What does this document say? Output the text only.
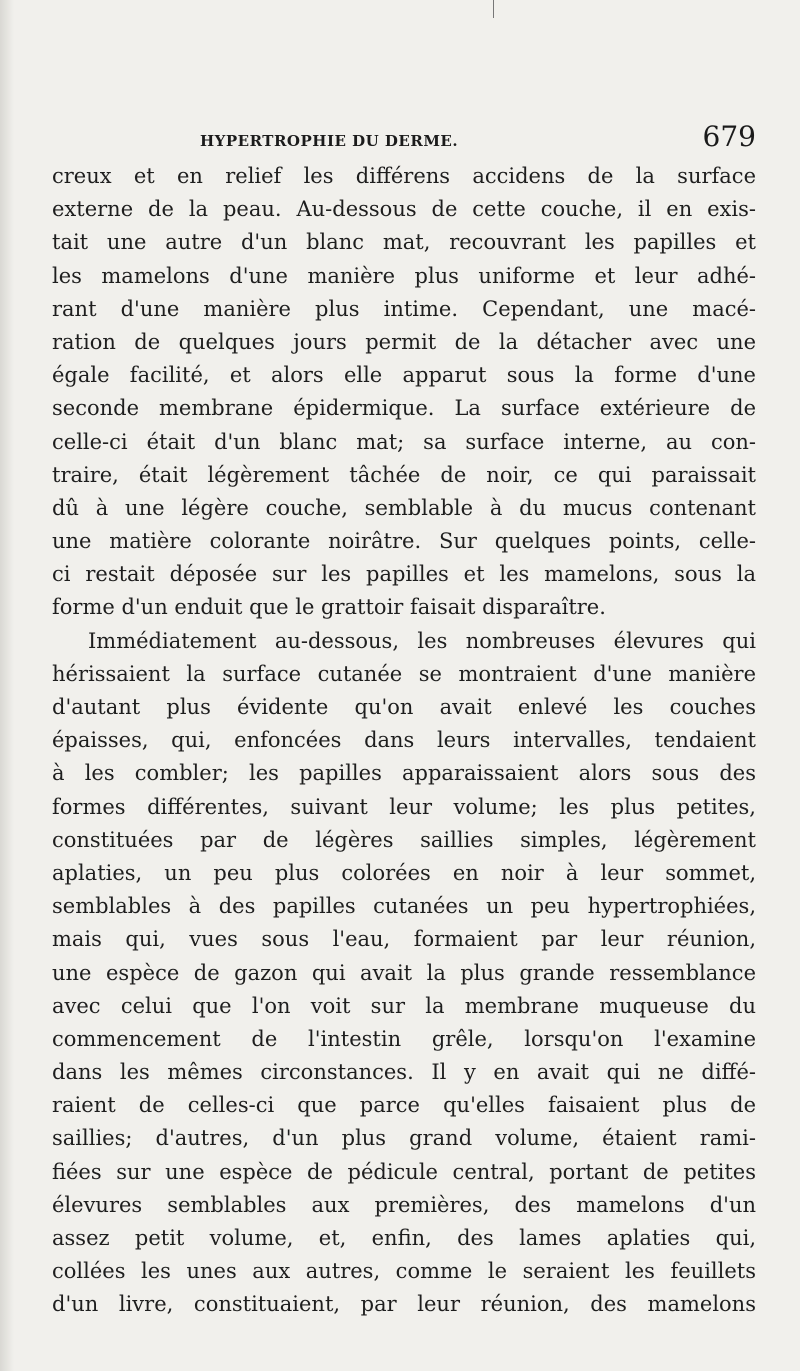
HYPERTROPHIE DU DERME.	679
creux et en relief les différens accidens de la surface
externe de la peau. Au-dessous de cette couche, il en exis-
tait une autre d'un blanc mat, recouvrant les papilles et
les mamelons d'une manière plus uniforme et leur adhé-
rant d'une manière plus intime. Cependant, une macé-
ration de quelques jours permit de la détacher avec une
égale facilité, et alors elle apparut sous la forme d'une
seconde membrane épidermique. La surface extérieure de
celle-ci était d'un blanc mat; sa surface interne, au con-
traire, était légèrement tâchée de noir, ce qui paraissait
dû à une légère couche, semblable à du mucus contenant
une matière colorante noirâtre. Sur quelques points, celle-
ci restait déposée sur les papilles et les mamelons, sous la
forme d'un enduit que le grattoir faisait disparaître.
Immédiatement au-dessous, les nombreuses élevures qui
hérissaient la surface cutanée se montraient d'une manière
d'autant plus évidente qu'on avait enlevé les couches
épaisses, qui, enfoncées dans leurs intervalles, tendaient
à les combler; les papilles apparaissaient alors sous des
formes différentes, suivant leur volume; les plus petites,
constituées par de légères saillies simples, légèrement
aplaties, un peu plus colorées en noir à leur sommet,
semblables à des papilles cutanées un peu hypertrophiées,
mais qui, vues sous l'eau, formaient par leur réunion,
une espèce de gazon qui avait la plus grande ressemblance
avec celui que l'on voit sur la membrane muqueuse du
commencement de l'intestin grêle, lorsqu'on l'examine
dans les mêmes circonstances. Il y en avait qui ne diffé-
raient de celles-ci que parce qu'elles faisaient plus de
saillies; d'autres, d'un plus grand volume, étaient rami-
fiées sur une espèce de pédicule central, portant de petites
élevures semblables aux premières, des mamelons d'un
assez petit volume, et, enfin, des lames aplaties qui,
collées les unes aux autres, comme le seraient les feuillets
d'un livre, constituaient, par leur réunion, des mamelons
